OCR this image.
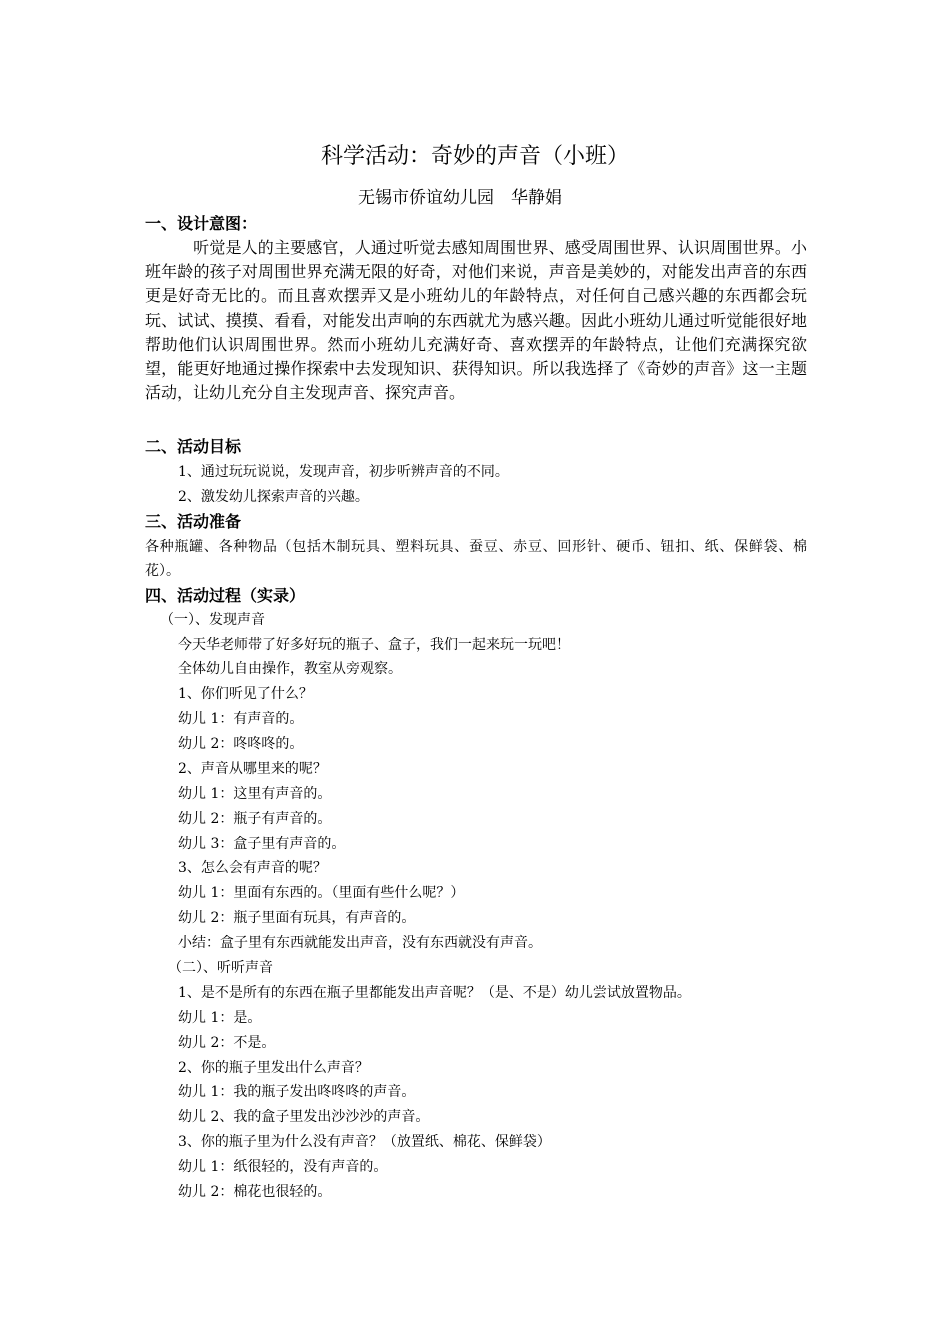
科学活动：奇妙的声音（小班）
无锡市侨谊幼儿园　华静娟
一、设计意图：
听觉是人的主要感官，人通过听觉去感知周围世界、感受周围世界、认识周围世界。小班年龄的孩子对周围世界充满无限的好奇，对他们来说，声音是美妙的，对能发出声音的东西更是好奇无比的。而且喜欢摆弄又是小班幼儿的年龄特点，对任何自己感兴趣的东西都会玩玩、试试、摸摸、看看，对能发出声响的东西就尤为感兴趣。因此小班幼儿通过听觉能很好地帮助他们认识周围世界。然而小班幼儿充满好奇、喜欢摆弄的年龄特点，让他们充满探究欲望，能更好地通过操作探索中去发现知识、获得知识。所以我选择了《奇妙的声音》这一主题活动，让幼儿充分自主发现声音、探究声音。
二、活动目标
1、通过玩玩说说，发现声音，初步听辨声音的不同。
2、激发幼儿探索声音的兴趣。
三、活动准备
各种瓶罐、各种物品（包括木制玩具、塑料玩具、蚕豆、赤豆、回形针、硬币、钮扣、纸、保鲜袋、棉花）。
四、活动过程（实录）
（一）、发现声音
今天华老师带了好多好玩的瓶子、盒子，我们一起来玩一玩吧！
全体幼儿自由操作，教室从旁观察。
1、你们听见了什么？
幼儿 1：有声音的。
幼儿 2：咚咚咚的。
2、声音从哪里来的呢？
幼儿 1：这里有声音的。
幼儿 2：瓶子有声音的。
幼儿 3：盒子里有声音的。
3、怎么会有声音的呢？
幼儿 1：里面有东西的。（里面有些什么呢？）
幼儿 2：瓶子里面有玩具，有声音的。
小结：盒子里有东西就能发出声音，没有东西就没有声音。
（二）、听听声音
1、是不是所有的东西在瓶子里都能发出声音呢？（是、不是）幼儿尝试放置物品。
幼儿 1：是。
幼儿 2：不是。
2、你的瓶子里发出什么声音？
幼儿 1：我的瓶子发出咚咚咚的声音。
幼儿 2、我的盒子里发出沙沙沙的声音。
3、你的瓶子里为什么没有声音？（放置纸、棉花、保鲜袋）
幼儿 1：纸很轻的，没有声音的。
幼儿 2：棉花也很轻的。
